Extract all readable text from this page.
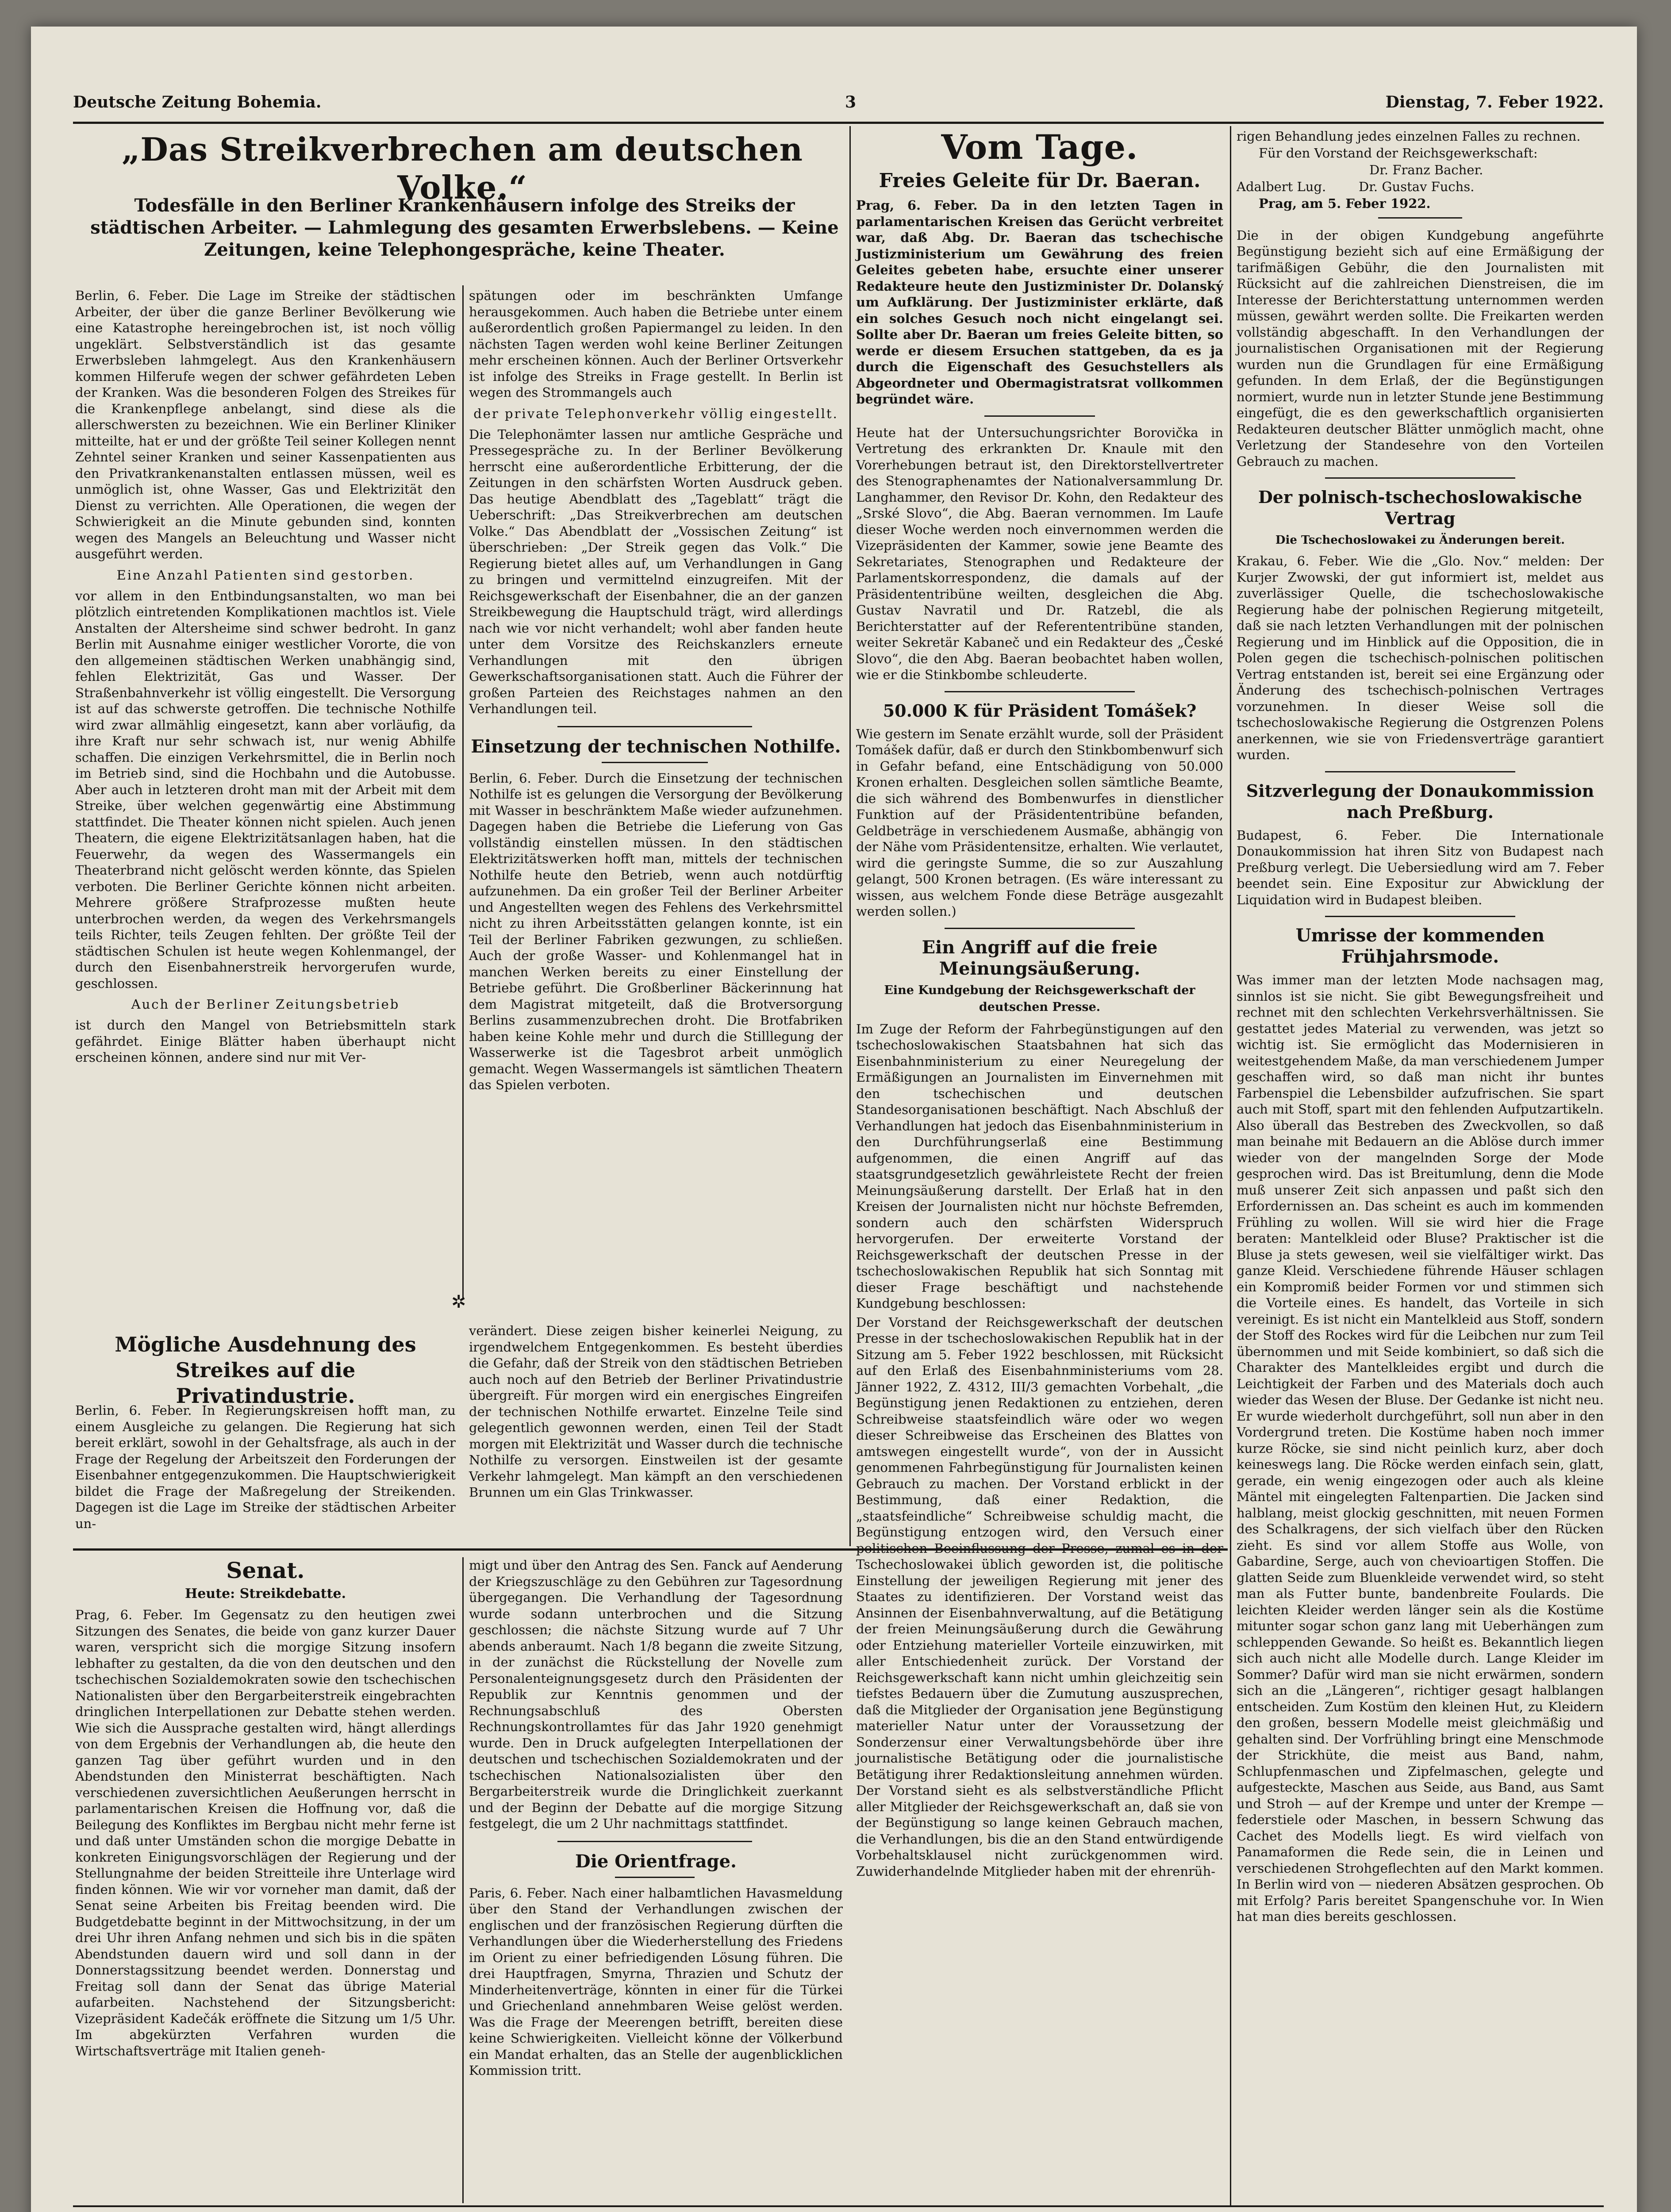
Deutsche Zeitung Bohemia.	3	Dienstag, 7. Feber 1922.
„Das Streikverbrechen am deutschen Volke.“
Todesfälle in den Berliner Krankenhäusern infolge des Streiks der städtischen Arbeiter. — Lahmlegung des gesamten Erwerbslebens. — Keine Zeitungen, keine Telephongespräche, keine Theater.

Berlin, 6. Feber. Die Lage im Streike der städtischen Arbeiter, der über die ganze Berliner Bevölkerung wie eine Katastrophe hereingebrochen ist, ist noch völlig ungeklärt. Selbstverständlich ist das gesamte Erwerbsleben lahmgelegt. Aus den Krankenhäusern kommen Hilferufe wegen der schwer gefährdeten Leben der Kranken. Was die besonderen Folgen des Streikes für die Krankenpflege anbelangt, sind diese als die allerschwersten zu bezeichnen. Wie ein Berliner Kliniker mitteilte, hat er und der größte Teil seiner Kollegen nennt Zehntel seiner Kranken und seiner Kassenpatienten aus den Privatkrankenanstalten entlassen müssen, weil es unmöglich ist, ohne Wasser, Gas und Elektrizität den Dienst zu verrichten. Alle Operationen, die wegen der Schwierigkeit an die Minute gebunden sind, konnten wegen des Mangels an Beleuchtung und Wasser nicht ausgeführt werden.

Eine Anzahl Patienten sind gestorben.

vor allem in den Entbindungsanstalten, wo man bei plötzlich eintretenden Komplikationen machtlos ist. Viele Anstalten der Altersheime sind schwer bedroht. In ganz Berlin mit Ausnahme einiger westlicher Vororte, die von den allgemeinen städtischen Werken unabhängig sind, fehlen Elektrizität, Gas und Wasser. Der Straßenbahnverkehr ist völlig eingestellt. Die Versorgung ist auf das schwerste getroffen. Die technische Nothilfe wird zwar allmählig eingesetzt, kann aber vorläufig, da ihre Kraft nur sehr schwach ist, nur wenig Abhilfe schaffen. Die einzigen Verkehrsmittel, die in Berlin noch im Betrieb sind, sind die Hochbahn und die Autobusse. Aber auch in letzteren droht man mit der Arbeit mit dem Streike, über welchen gegenwärtig eine Abstimmung stattfindet. Die Theater können nicht spielen. Auch jenen Theatern, die eigene Elektrizitätsanlagen haben, hat die Feuerwehr, da wegen des Wassermangels ein Theaterbrand nicht gelöscht werden könnte, das Spielen verboten. Die Berliner Gerichte können nicht arbeiten. Mehrere größere Strafprozesse mußten heute unterbrochen werden, da wegen des Verkehrsmangels teils Richter, teils Zeugen fehlten. Der größte Teil der städtischen Schulen ist heute wegen Kohlenmangel, der durch den Eisenbahnerstreik hervorgerufen wurde, geschlossen.

Auch der Berliner Zeitungsbetrieb

ist durch den Mangel von Betriebsmitteln stark gefährdet. Einige Blätter haben überhaupt nicht erscheinen können, andere sind nur mit Ver-

spätungen oder im beschränkten Umfange herausgekommen. Auch haben die Betriebe unter einem außerordentlich großen Papiermangel zu leiden. In den nächsten Tagen werden wohl keine Berliner Zeitungen mehr erscheinen können. Auch der Berliner Ortsverkehr ist infolge des Streiks in Frage gestellt. In Berlin ist wegen des Strommangels auch

der private Telephonverkehr völlig eingestellt.

Die Telephonämter lassen nur amtliche Gespräche und Pressegespräche zu. In der Berliner Bevölkerung herrscht eine außerordentliche Erbitterung, der die Zeitungen in den schärfsten Worten Ausdruck geben. Das heutige Abendblatt des „Tageblatt“ trägt die Ueberschrift: „Das Streikverbrechen am deutschen Volke.“ Das Abendblatt der „Vossischen Zeitung“ ist überschrieben: „Der Streik gegen das Volk.“ Die Regierung bietet alles auf, um Verhandlungen in Gang zu bringen und vermittelnd einzugreifen. Mit der Reichsgewerkschaft der Eisenbahner, die an der ganzen Streikbewegung die Hauptschuld trägt, wird allerdings nach wie vor nicht verhandelt; wohl aber fanden heute unter dem Vorsitze des Reichskanzlers erneute Verhandlungen mit den übrigen Gewerkschaftsorganisationen statt. Auch die Führer der großen Parteien des Reichstages nahmen an den Verhandlungen teil.

Einsetzung der technischen Nothilfe.

Berlin, 6. Feber. Durch die Einsetzung der technischen Nothilfe ist es gelungen die Versorgung der Bevölkerung mit Wasser in beschränktem Maße wieder aufzunehmen. Dagegen haben die Betriebe die Lieferung von Gas vollständig einstellen müssen. In den städtischen Elektrizitätswerken hofft man, mittels der technischen Nothilfe heute den Betrieb, wenn auch notdürftig aufzunehmen. Da ein großer Teil der Berliner Arbeiter und Angestellten wegen des Fehlens des Verkehrsmittel nicht zu ihren Arbeitsstätten gelangen konnte, ist ein Teil der Berliner Fabriken gezwungen, zu schließen. Auch der große Wasser- und Kohlenmangel hat in manchen Werken bereits zu einer Einstellung der Betriebe geführt. Die Großberliner Bäckerinnung hat dem Magistrat mitgeteilt, daß die Brotversorgung Berlins zusammenzubrechen droht. Die Brotfabriken haben keine Kohle mehr und durch die Stilllegung der Wasserwerke ist die Tagesbrot arbeit unmöglich gemacht. Wegen Wassermangels ist sämtlichen Theatern das Spielen verboten.

✲
Mögliche Ausdehnung des Streikes auf die Privatindustrie.

Berlin, 6. Feber. In Regierungskreisen hofft man, zu einem Ausgleiche zu gelangen. Die Regierung hat sich bereit erklärt, sowohl in der Gehaltsfrage, als auch in der Frage der Regelung der Arbeitszeit den Forderungen der Eisenbahner entgegenzukommen. Die Hauptschwierigkeit bildet die Frage der Maßregelung der Streikenden. Dagegen ist die Lage im Streike der städtischen Arbeiter un-

verändert. Diese zeigen bisher keinerlei Neigung, zu irgendwelchem Entgegenkommen. Es besteht überdies die Gefahr, daß der Streik von den städtischen Betrieben auch noch auf den Betrieb der Berliner Privatindustrie übergreift. Für morgen wird ein energisches Eingreifen der technischen Nothilfe erwartet. Einzelne Teile sind gelegentlich gewonnen werden, einen Teil der Stadt morgen mit Elektrizität und Wasser durch die technische Nothilfe zu versorgen. Einstweilen ist der gesamte Verkehr lahmgelegt. Man kämpft an den verschiedenen Brunnen um ein Glas Trinkwasser.

Senat.
Heute: Streikdebatte.

Prag, 6. Feber. Im Gegensatz zu den heutigen zwei Sitzungen des Senates, die beide von ganz kurzer Dauer waren, verspricht sich die morgige Sitzung insofern lebhafter zu gestalten, da die von den deutschen und den tschechischen Sozialdemokraten sowie den tschechischen Nationalisten über den Bergarbeiterstreik eingebrachten dringlichen Interpellationen zur Debatte stehen werden. Wie sich die Aussprache gestalten wird, hängt allerdings von dem Ergebnis der Verhandlungen ab, die heute den ganzen Tag über geführt wurden und in den Abendstunden den Ministerrat beschäftigten. Nach verschiedenen zuversichtlichen Aeußerungen herrscht in parlamentarischen Kreisen die Hoffnung vor, daß die Beilegung des Konfliktes im Bergbau nicht mehr ferne ist und daß unter Umständen schon die morgige Debatte in konkreten Einigungsvorschlägen der Regierung und der Stellungnahme der beiden Streitteile ihre Unterlage wird finden können. Wie wir vor vorneher man damit, daß der Senat seine Arbeiten bis Freitag beenden wird. Die Budgetdebatte beginnt in der Mittwochsitzung, in der um drei Uhr ihren Anfang nehmen und sich bis in die späten Abendstunden dauern wird und soll dann in der Donnerstagssitzung beendet werden. Donnerstag und Freitag soll dann der Senat das übrige Material aufarbeiten. Nachstehend der Sitzungsbericht: Vizepräsident Kadečák eröffnete die Sitzung um 1/5 Uhr. Im abgekürzten Verfahren wurden die Wirtschaftsverträge mit Italien geneh-

migt und über den Antrag des Sen. Fanck auf Aenderung der Kriegszuschläge zu den Gebühren zur Tagesordnung übergegangen. Die Verhandlung der Tagesordnung wurde sodann unterbrochen und die Sitzung geschlossen; die nächste Sitzung wurde auf 7 Uhr abends anberaumt. Nach 1/8 begann die zweite Sitzung, in der zunächst die Rückstellung der Novelle zum Personalenteignungsgesetz durch den Präsidenten der Republik zur Kenntnis genommen und der Rechnungsabschluß des Obersten Rechnungskontrollamtes für das Jahr 1920 genehmigt wurde. Den in Druck aufgelegten Interpellationen der deutschen und tschechischen Sozialdemokraten und der tschechischen Nationalsozialisten über den Bergarbeiterstreik wurde die Dringlichkeit zuerkannt und der Beginn der Debatte auf die morgige Sitzung festgelegt, die um 2 Uhr nachmittags stattfindet.

Die Orientfrage.

Paris, 6. Feber. Nach einer halbamtlichen Havasmeldung über den Stand der Verhandlungen zwischen der englischen und der französischen Regierung dürften die Verhandlungen über die Wiederherstellung des Friedens im Orient zu einer befriedigenden Lösung führen. Die drei Hauptfragen, Smyrna, Thrazien und Schutz der Minderheitenverträge, könnten in einer für die Türkei und Griechenland annehmbaren Weise gelöst werden. Was die Frage der Meerengen betrifft, bereiten diese keine Schwierigkeiten. Vielleicht könne der Völkerbund ein Mandat erhalten, das an Stelle der augenblicklichen Kommission tritt.

Vom Tage.
Freies Geleite für Dr. Baeran.

Prag, 6. Feber. Da in den letzten Tagen in parlamentarischen Kreisen das Gerücht verbreitet war, daß Abg. Dr. Baeran das tschechische Justizministerium um Gewährung des freien Geleites gebeten habe, ersuchte einer unserer Redakteure heute den Justizminister Dr. Dolanský um Aufklärung. Der Justizminister erklärte, daß ein solches Gesuch noch nicht eingelangt sei. Sollte aber Dr. Baeran um freies Geleite bitten, so werde er diesem Ersuchen stattgeben, da es ja durch die Eigenschaft des Gesuchstellers als Abgeordneter und Obermagistratsrat vollkommen begründet wäre.

Heute hat der Untersuchungsrichter Borovička in Vertretung des erkrankten Dr. Knaule mit den Vorerhebungen betraut ist, den Direktorstellvertreter des Stenographenamtes der Nationalversammlung Dr. Langhammer, den Revisor Dr. Kohn, den Redakteur des „Srské Slovo“, die Abg. Baeran vernommen. Im Laufe dieser Woche werden noch einvernommen werden die Vizepräsidenten der Kammer, sowie jene Beamte des Sekretariates, Stenographen und Redakteure der Parlamentskorrespondenz, die damals auf der Präsidententribüne weilten, desgleichen die Abg. Gustav Navratil und Dr. Ratzebl, die als Berichterstatter auf der Referententribüne standen, weiter Sekretär Kabaneč und ein Redakteur des „České Slovo“, die den Abg. Baeran beobachtet haben wollen, wie er die Stinkbombe schleuderte.

50.000 K für Präsident Tomášek?

Wie gestern im Senate erzählt wurde, soll der Präsident Tomášek dafür, daß er durch den Stinkbombenwurf sich in Gefahr befand, eine Entschädigung von 50.000 Kronen erhalten. Desgleichen sollen sämtliche Beamte, die sich während des Bombenwurfes in dienstlicher Funktion auf der Präsidententribüne befanden, Geldbeträge in verschiedenem Ausmaße, abhängig von der Nähe vom Präsidentensitze, erhalten. Wie verlautet, wird die geringste Summe, die so zur Auszahlung gelangt, 500 Kronen betragen. (Es wäre interessant zu wissen, aus welchem Fonde diese Beträge ausgezahlt werden sollen.)

Ein Angriff auf die freie Meinungsäußerung.
Eine Kundgebung der Reichsgewerkschaft der deutschen Presse.

Im Zuge der Reform der Fahrbegünstigungen auf den tschechoslowakischen Staatsbahnen hat sich das Eisenbahnministerium zu einer Neuregelung der Ermäßigungen an Journalisten im Einvernehmen mit den tschechischen und deutschen Standesorganisationen beschäftigt. Nach Abschluß der Verhandlungen hat jedoch das Eisenbahnministerium in den Durchführungserlaß eine Bestimmung aufgenommen, die einen Angriff auf das staatsgrundgesetzlich gewährleistete Recht der freien Meinungsäußerung darstellt. Der Erlaß hat in den Kreisen der Journalisten nicht nur höchste Befremden, sondern auch den schärfsten Widerspruch hervorgerufen. Der erweiterte Vorstand der Reichsgewerkschaft der deutschen Presse in der tschechoslowakischen Republik hat sich Sonntag mit dieser Frage beschäftigt und nachstehende Kundgebung beschlossen:

Der Vorstand der Reichsgewerkschaft der deutschen Presse in der tschechoslowakischen Republik hat in der Sitzung am 5. Feber 1922 beschlossen, mit Rücksicht auf den Erlaß des Eisenbahnministeriums vom 28. Jänner 1922, Z. 4312, III/3 gemachten Vorbehalt, „die Begünstigung jenen Redaktionen zu entziehen, deren Schreibweise staatsfeindlich wäre oder wo wegen dieser Schreibweise das Erscheinen des Blattes von amtswegen eingestellt wurde“, von der in Aussicht genommenen Fahrbegünstigung für Journalisten keinen Gebrauch zu machen. Der Vorstand erblickt in der Bestimmung, daß einer Redaktion, die „staatsfeindliche“ Schreibweise schuldig macht, die Begünstigung entzogen wird, den Versuch einer politischen Beeinflussung der Presse, zumal es in der Tschechoslowakei üblich geworden ist, die politische Einstellung der jeweiligen Regierung mit jener des Staates zu identifizieren. Der Vorstand weist das Ansinnen der Eisenbahnverwaltung, auf die Betätigung der freien Meinungsäußerung durch die Gewährung oder Entziehung materieller Vorteile einzuwirken, mit aller Entschiedenheit zurück. Der Vorstand der Reichsgewerkschaft kann nicht umhin gleichzeitig sein tiefstes Bedauern über die Zumutung auszusprechen, daß die Mitglieder der Organisation jene Begünstigung materieller Natur unter der Voraussetzung der Sonderzensur einer Verwaltungsbehörde über ihre journalistische Betätigung oder die journalistische Betätigung ihrer Redaktionsleitung annehmen würden. Der Vorstand sieht es als selbstverständliche Pflicht aller Mitglieder der Reichsgewerkschaft an, daß sie von der Begünstigung so lange keinen Gebrauch machen, die Verhandlungen, bis die an den Stand entwürdigende Vorbehaltsklausel nicht zurückgenommen wird. Zuwiderhandelnde Mitglieder haben mit der ehrenrüh-

rigen Behandlung jedes einzelnen Falles zu rechnen.

Für den Vorstand der Reichsgewerkschaft:
Dr. Franz Bacher.
Adalbert Lug.        Dr. Gustav Fuchs.
Prag, am 5. Feber 1922.

Die in der obigen Kundgebung angeführte Begünstigung bezieht sich auf eine Ermäßigung der tarifmäßigen Gebühr, die den Journalisten mit Rücksicht auf die zahlreichen Dienstreisen, die im Interesse der Berichterstattung unternommen werden müssen, gewährt werden sollte. Die Freikarten werden vollständig abgeschafft. In den Verhandlungen der journalistischen Organisationen mit der Regierung wurden nun die Grundlagen für eine Ermäßigung gefunden. In dem Erlaß, der die Begünstigungen normiert, wurde nun in letzter Stunde jene Bestimmung eingefügt, die es den gewerkschaftlich organisierten Redakteuren deutscher Blätter unmöglich macht, ohne Verletzung der Standesehre von den Vorteilen Gebrauch zu machen.

Der polnisch-tschechoslowakische Vertrag
Die Tschechoslowakei zu Änderungen bereit.

Krakau, 6. Feber. Wie die „Glo. Nov.“ melden: Der Kurjer Zwowski, der gut informiert ist, meldet aus zuverlässiger Quelle, die tschechoslowakische Regierung habe der polnischen Regierung mitgeteilt, daß sie nach letzten Verhandlungen mit der polnischen Regierung und im Hinblick auf die Opposition, die in Polen gegen die tschechisch-polnischen politischen Vertrag entstanden ist, bereit sei eine Ergänzung oder Änderung des tschechisch-polnischen Vertrages vorzunehmen. In dieser Weise soll die tschechoslowakische Regierung die Ostgrenzen Polens anerkennen, wie sie von Friedensverträge garantiert wurden.

Sitzverlegung der Donaukommission nach Preßburg.

Budapest, 6. Feber. Die Internationale Donaukommission hat ihren Sitz von Budapest nach Preßburg verlegt. Die Uebersiedlung wird am 7. Feber beendet sein. Eine Expositur zur Abwicklung der Liquidation wird in Budapest bleiben.

Umrisse der kommenden Frühjahrsmode.

Was immer man der letzten Mode nachsagen mag, sinnlos ist sie nicht. Sie gibt Bewegungsfreiheit und rechnet mit den schlechten Verkehrsverhältnissen. Sie gestattet jedes Material zu verwenden, was jetzt so wichtig ist. Sie ermöglicht das Modernisieren in weitestgehendem Maße, da man verschiedenem Jumper geschaffen wird, so daß man nicht ihr buntes Farbenspiel die Lebensbilder aufzufrischen. Sie spart auch mit Stoff, spart mit den fehlenden Aufputzartikeln. Also überall das Bestreben des Zweckvollen, so daß man beinahe mit Bedauern an die Ablöse durch immer wieder von der mangelnden Sorge der Mode gesprochen wird. Das ist Breitumlung, denn die Mode muß unserer Zeit sich anpassen und paßt sich den Erfordernissen an. Das scheint es auch im kommenden Frühling zu wollen. Will sie wird hier die Frage beraten: Mantelkleid oder Bluse? Praktischer ist die Bluse ja stets gewesen, weil sie vielfältiger wirkt. Das ganze Kleid. Verschiedene führende Häuser schlagen ein Kompromiß beider Formen vor und stimmen sich die Vorteile eines. Es handelt, das Vorteile in sich vereinigt. Es ist nicht ein Mantelkleid aus Stoff, sondern der Stoff des Rockes wird für die Leibchen nur zum Teil übernommen und mit Seide kombiniert, so daß sich die Charakter des Mantelkleides ergibt und durch die Leichtigkeit der Farben und des Materials doch auch wieder das Wesen der Bluse. Der Gedanke ist nicht neu. Er wurde wiederholt durchgeführt, soll nun aber in den Vordergrund treten. Die Kostüme haben noch immer kurze Röcke, sie sind nicht peinlich kurz, aber doch keineswegs lang. Die Röcke werden einfach sein, glatt, gerade, ein wenig eingezogen oder auch als kleine Mäntel mit eingelegten Faltenpartien. Die Jacken sind halblang, meist glockig geschnitten, mit neuen Formen des Schalkragens, der sich vielfach über den Rücken zieht. Es sind vor allem Stoffe aus Wolle, von Gabardine, Serge, auch von chevioartigen Stoffen. Die glatten Seide zum Bluenkleide verwendet wird, so steht man als Futter bunte, bandenbreite Foulards. Die leichten Kleider werden länger sein als die Kostüme mitunter sogar schon ganz lang mit Ueberhängen zum schleppenden Gewande. So heißt es. Bekanntlich liegen sich auch nicht alle Modelle durch. Lange Kleider im Sommer? Dafür wird man sie nicht erwärmen, sondern sich an die „Längeren“, richtiger gesagt halblangen entscheiden. Zum Kostüm den kleinen Hut, zu Kleidern den großen, bessern Modelle meist gleichmäßig und gehalten sind. Der Vorfrühling bringt eine Menschmode der Strickhüte, die meist aus Band, nahm, Schlupfenmaschen und Zipfelmaschen, gelegte und aufgesteckte, Maschen aus Seide, aus Band, aus Samt und Stroh — auf der Krempe und unter der Krempe — federstiele oder Maschen, in bessern Schwung das Cachet des Modells liegt. Es wird vielfach von Panamaformen die Rede sein, die in Leinen und verschiedenen Strohgeflechten auf den Markt kommen. In Berlin wird von — niederen Absätzen gesprochen. Ob mit Erfolg? Paris bereitet Spangenschuhe vor. In Wien hat man dies bereits geschlossen.
